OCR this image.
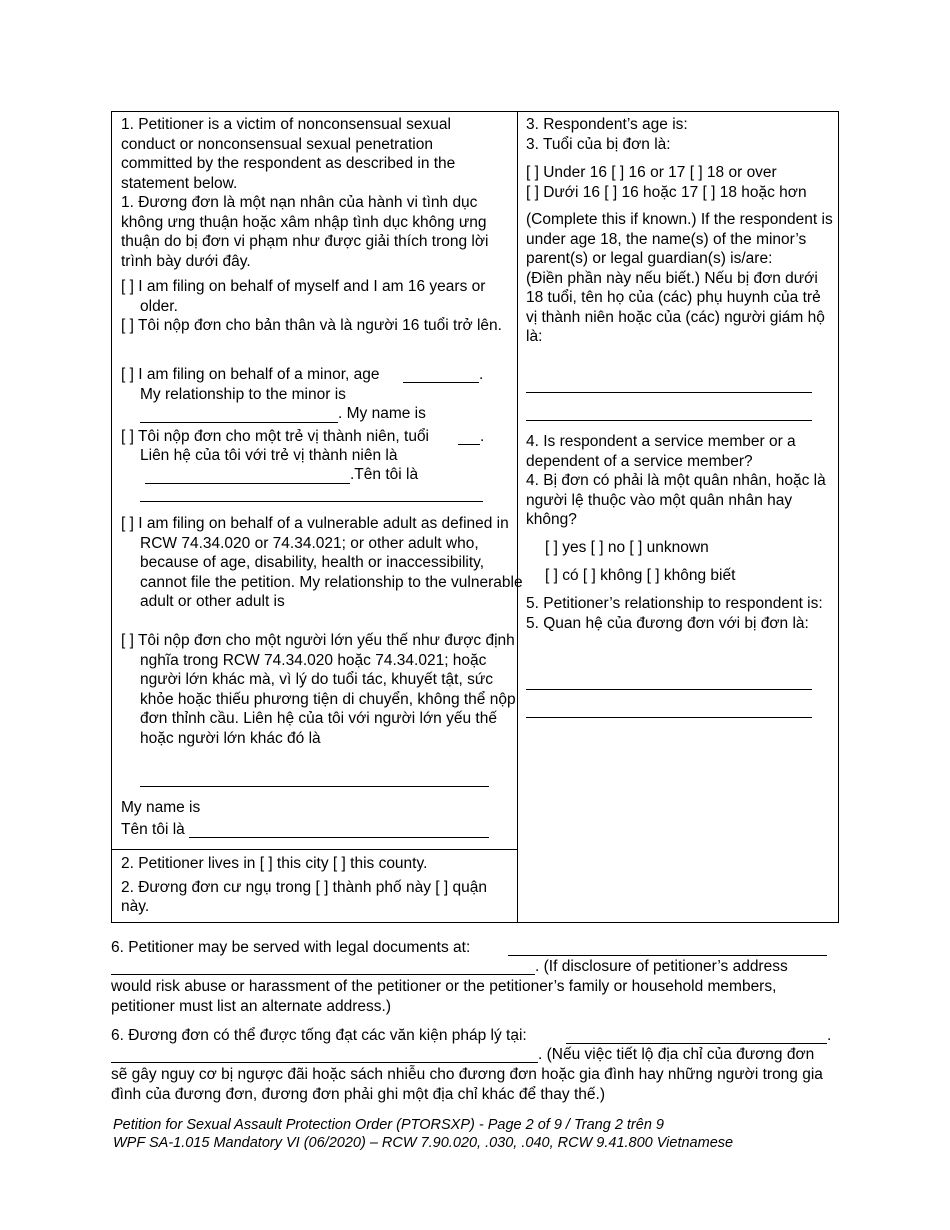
1. Petitioner is a victim of nonconsensual sexual conduct or nonconsensual sexual penetration committed by the respondent as described in the statement below.

1. Đương đơn là một nạn nhân của hành vi tình dục không ưng thuận hoặc xâm nhập tình dục không ưng thuận do bị đơn vi phạm như được giải thích trong lời trình bày dưới đây.

[ ] I am filing on behalf of myself and I am 16 years or older.
[ ] Tôi nộp đơn cho bản thân và là người 16 tuổi trở lên.
[ ] I am filing on behalf of a minor, age	.
My relationship to the minor is
. My name is
[ ] Tôi nộp đơn cho một trẻ vị thành niên, tuổi	.
Liên hệ của tôi với trẻ vị thành niên là
.Tên tôi là
[ ] I am filing on behalf of a vulnerable adult as defined in RCW 74.34.020 or 74.34.021; or other adult who, because of age, disability, health or inaccessibility, cannot file the petition. My relationship to the vulnerable adult or other adult is
[ ] Tôi nộp đơn cho một người lớn yếu thế như được định nghĩa trong RCW 74.34.020 hoặc 74.34.021; hoặc người lớn khác mà, vì lý do tuổi tác, khuyết tật, sức khỏe hoặc thiếu phương tiện di chuyển, không thể nộp đơn thỉnh cầu. Liên hệ của tôi với người lớn yếu thế hoặc người lớn khác đó là
My name is
Tên tôi là

2. Petitioner lives in [ ] this city [ ] this county.

2. Đương đơn cư ngụ trong [ ] thành phố này [ ] quận này.

3. Respondent’s age is:

3. Tuổi của bị đơn là:

[ ] Under 16 [ ] 16 or 17 [ ] 18 or over

[ ] Dưới 16 [ ] 16 hoặc 17 [ ] 18 hoặc hơn

(Complete this if known.) If the respondent is under age 18, the name(s) of the minor’s parent(s) or legal guardian(s) is/are:

(Điền phần này nếu biết.) Nếu bị đơn dưới 18 tuổi, tên họ của (các) phụ huynh của trẻ vị thành niên hoặc của (các) người giám hộ là:

4. Is respondent a service member or a dependent of a service member?

4. Bị đơn có phải là một quân nhân, hoặc là người lệ thuộc vào một quân nhân hay không?

[ ] yes [ ] no [ ] unknown
[ ] có [ ] không [ ] không biết

5. Petitioner’s relationship to respondent is:

5. Quan hệ của đương đơn với bị đơn là:

6. Petitioner may be served with legal documents at:
. (If disclosure of petitioner’s address
would risk abuse or harassment of the petitioner or the petitioner’s family or household members, petitioner must list an alternate address.)
6. Đương đơn có thể được tống đạt các văn kiện pháp lý tại:	.
. (Nếu việc tiết lộ địa chỉ của đương đơn
sẽ gây nguy cơ bị ngược đãi hoặc sách nhiễu cho đương đơn hoặc gia đình hay những người trong gia đình của đương đơn, đương đơn phải ghi một địa chỉ khác để thay thế.)
Petition for Sexual Assault Protection Order (PTORSXP) - Page 2 of 9 / Trang 2 trên 9
WPF SA-1.015 Mandatory VI (06/2020) – RCW 7.90.020, .030, .040, RCW 9.41.800 Vietnamese
